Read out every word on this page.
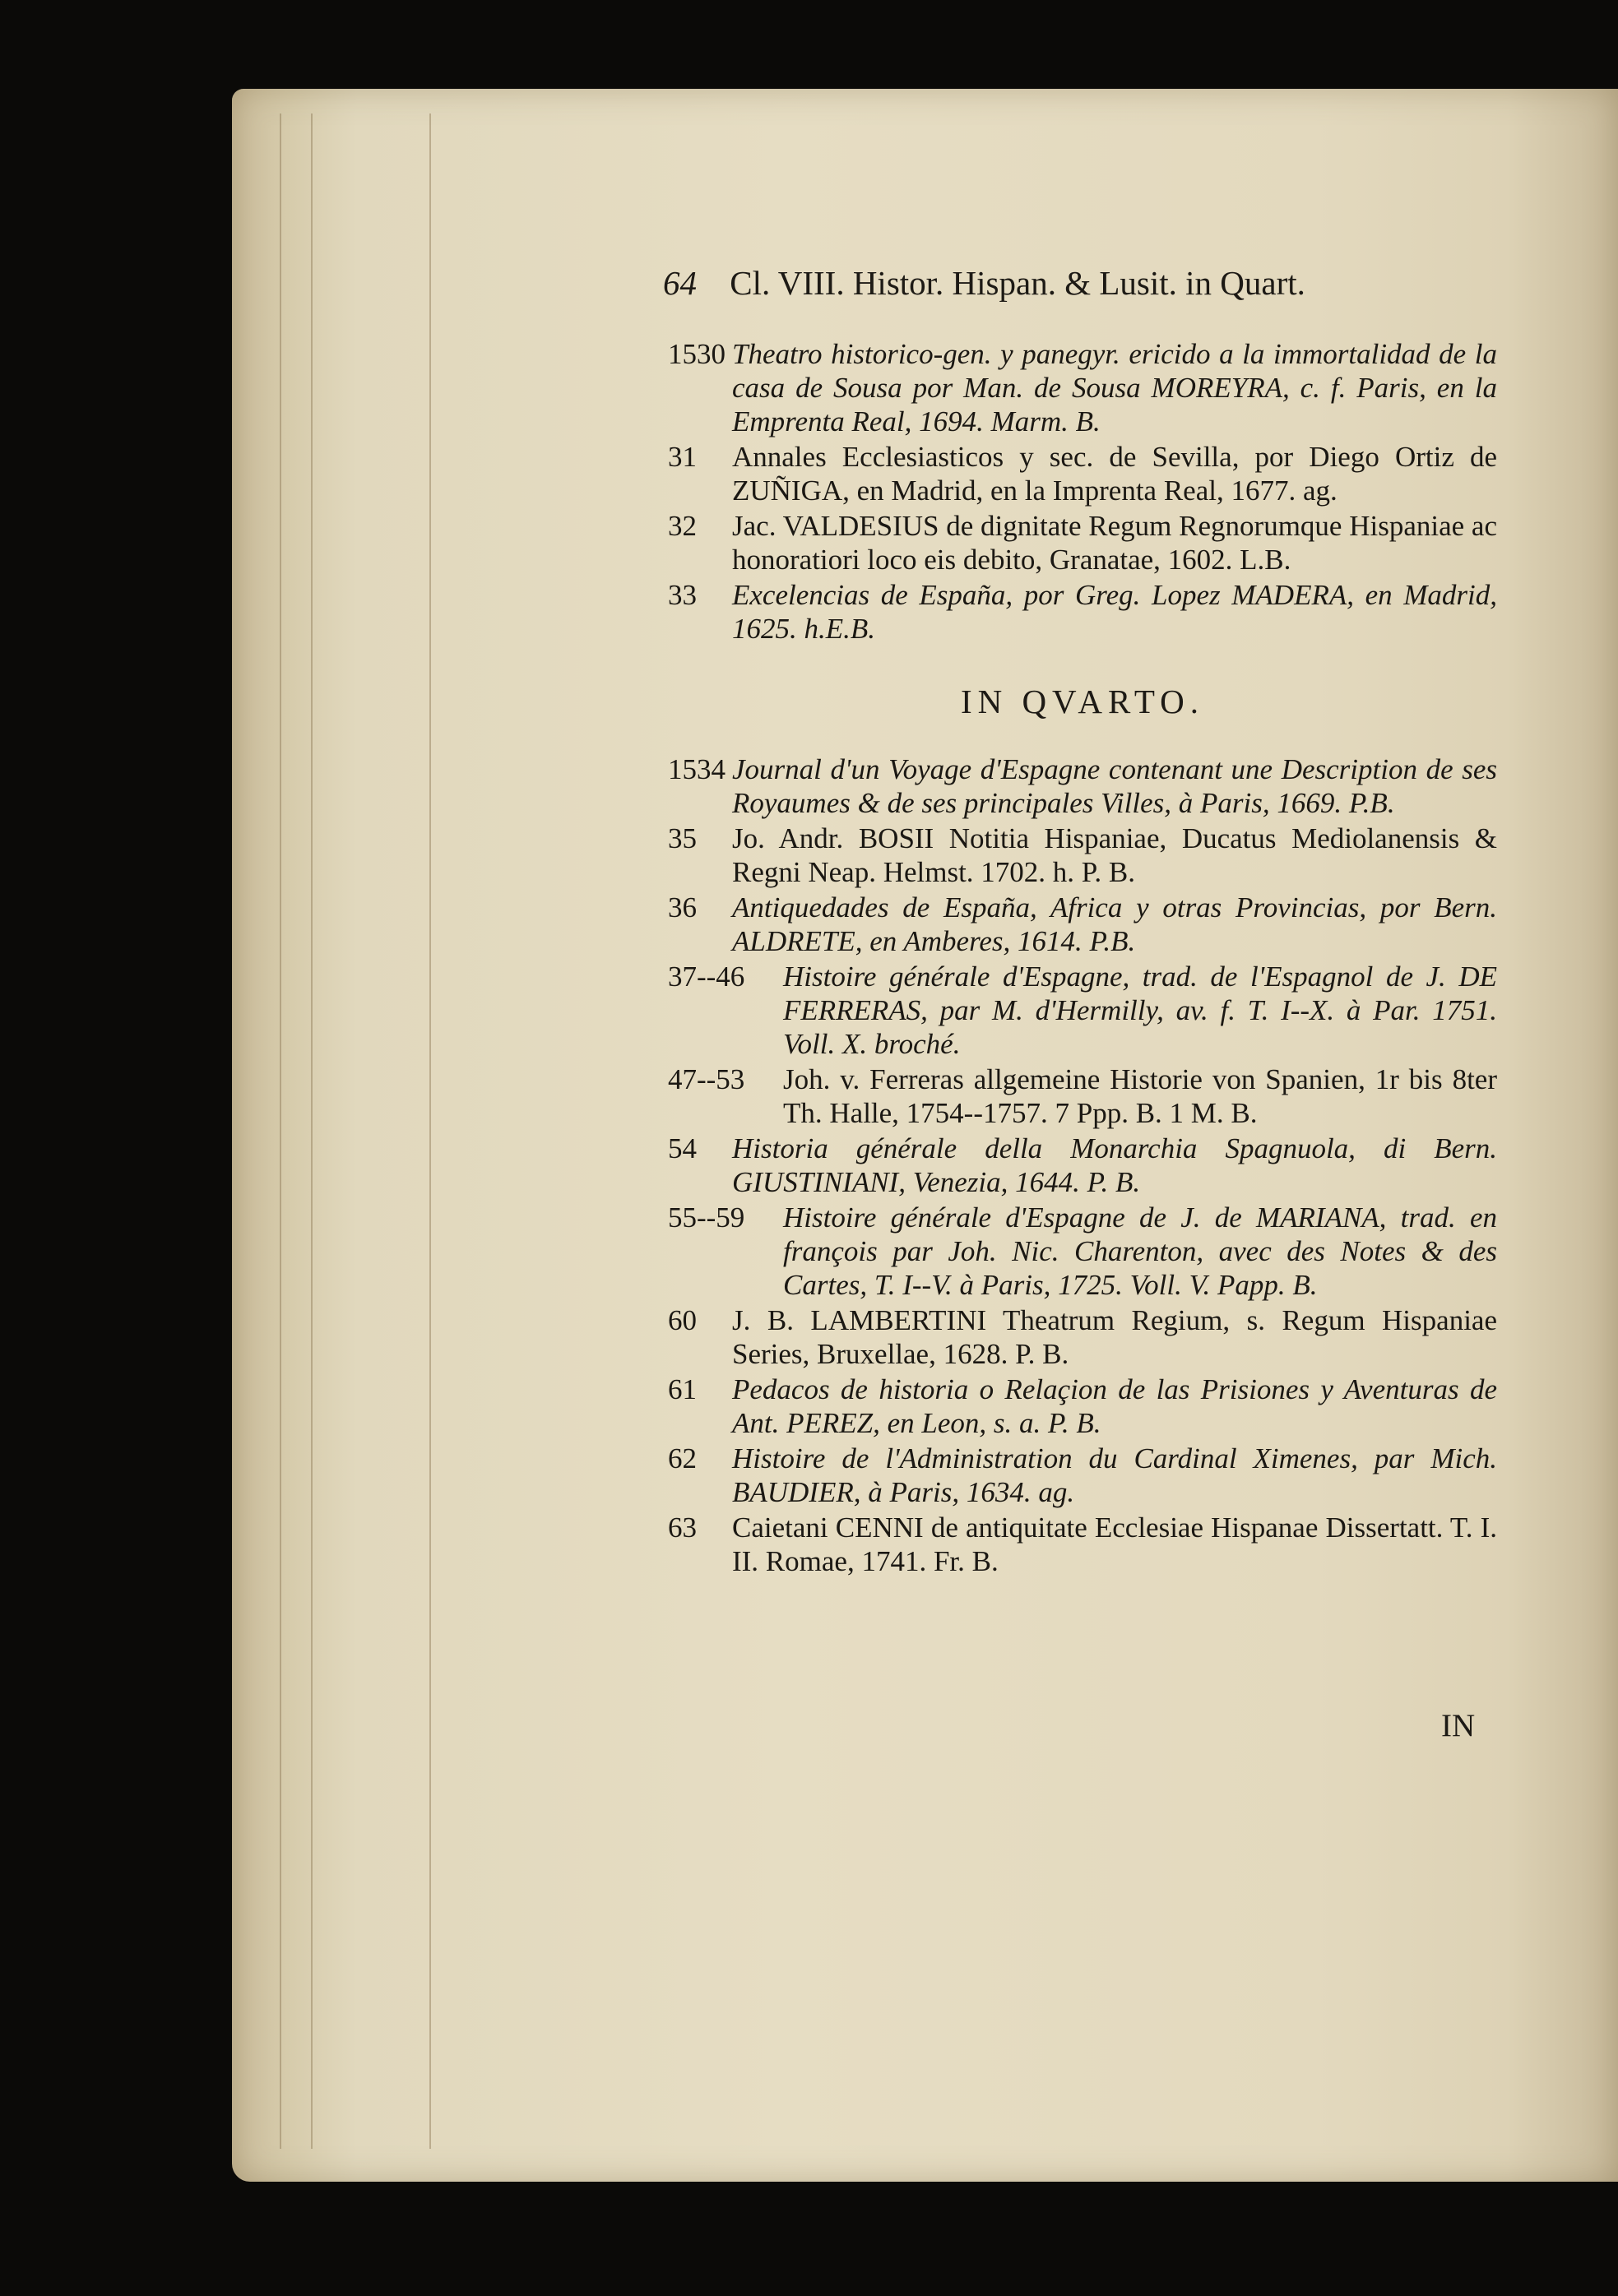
64 Cl. VIII. Histor. Hispan. & Lusit. in Quart.
1530 Theatro historico-gen. y panegyr. ericido a la immortalidad de la casa de Sousa por Man. de Sousa MOREYRA, c. f. Paris, en la Emprenta Real, 1694. Marm. B.
31	Annales Ecclesiasticos y sec. de Sevilla, por Diego Ortiz de ZUÑIGA, en Madrid, en la Imprenta Real, 1677. ag.
32	Jac. VALDESIUS de dignitate Regum Regnorumque Hispaniae ac honoratiori loco eis debito, Granatae, 1602. L.B.
33	Excelencias de España, por Greg. Lopez MADERA, en Madrid, 1625. h.E.B.
IN QVARTO.
1534 Journal d'un Voyage d'Espagne contenant une Description de ses Royaumes & de ses principales Villes, à Paris, 1669. P.B.
35	Jo. Andr. BOSII Notitia Hispaniae, Ducatus Mediolanensis & Regni Neap. Helmst. 1702. h. P. B.
36	Antiquedades de España, Africa y otras Provincias, por Bern. ALDRETE, en Amberes, 1614. P.B.
37--46	Histoire générale d'Espagne, trad. de l'Espagnol de J. DE FERRERAS, par M. d'Hermilly, av. f. T. I--X. à Par. 1751. Voll. X. broché.
47--53	Joh. v. Ferreras allgemeine Historie von Spanien, 1r bis 8ter Th. Halle, 1754--1757. 7 Ppp. B. 1 M. B.
54	Historia générale della Monarchia Spagnuola, di Bern. GIUSTINIANI, Venezia, 1644. P. B.
55--59	Histoire générale d'Espagne de J. de MARIANA, trad. en françois par Joh. Nic. Charenton, avec des Notes & des Cartes, T. I--V. à Paris, 1725. Voll. V. Papp. B.
60	J. B. LAMBERTINI Theatrum Regium, s. Regum Hispaniae Series, Bruxellae, 1628. P. B.
61	Pedacos de historia o Relaçion de las Prisiones y Aventuras de Ant. PEREZ, en Leon, s. a. P. B.
62	Histoire de l'Administration du Cardinal Ximenes, par Mich. BAUDIER, à Paris, 1634. ag.
63	Caietani CENNI de antiquitate Ecclesiae Hispanae Dissertatt. T. I. II. Romae, 1741. Fr. B.
IN
